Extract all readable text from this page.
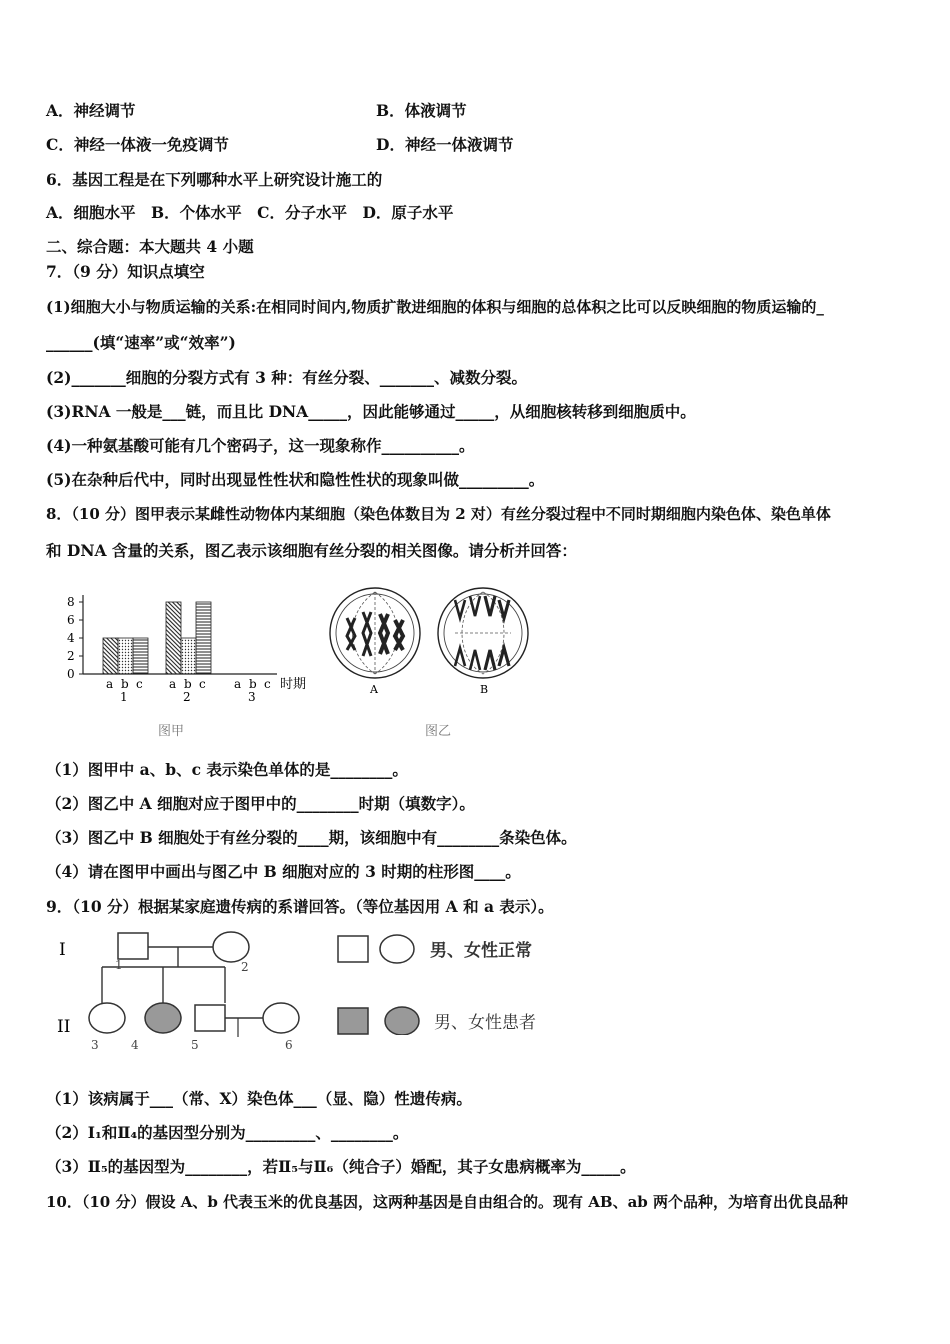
A．神经调节	B．体液调节
C．神经一体液一免疫调节	D．神经一体液调节
6．基因工程是在下列哪种水平上研究设计施工的
A．细胞水平　B．个体水平　C．分子水平　D．原子水平
二、综合题：本大题共 4 小题
7．（9 分）知识点填空
(1)细胞大小与物质运输的关系:在相同时间内,物质扩散进细胞的体积与细胞的总体积之比可以反映细胞的物质运输的_
______(填“速率”或“效率”)
(2)_______细胞的分裂方式有 3 种：有丝分裂、_______、减数分裂。
(3)RNA 一般是___链，而且比 DNA_____，因此能够通过_____，从细胞核转移到细胞质中。
(4)一种氨基酸可能有几个密码子，这一现象称作__________。
(5)在杂种后代中，同时出现显性性状和隐性性状的现象叫做_________。
8．（10 分）图甲表示某雌性动物体内某细胞（染色体数目为 2 对）有丝分裂过程中不同时期细胞内染色体、染色单体
和 DNA 含量的关系，图乙表示该细胞有丝分裂的相关图像。请分析并回答：
时期
0
2
4
6
8
a b c
1
a b c
2
a b c
3
图甲
A	B
图乙
（1）图甲中 a、b、c 表示染色单体的是________。
（2）图乙中 A 细胞对应于图甲中的________时期（填数字）。
（3）图乙中 B 细胞处于有丝分裂的____期，该细胞中有________条染色体。
（4）请在图甲中画出与图乙中 B 细胞对应的 3 时期的柱形图____。
9．（10 分）根据某家庭遗传病的系谱回答。（等位基因用 A 和 a 表示）。
I
II
1	2
3	4	5	6
男、女性正常
男、女性患者
（1）该病属于___（常、X）染色体___（显、隐）性遗传病。
（2）Ⅰ₁和Ⅱ₄的基因型分别为_________、________。
（3）Ⅱ₅的基因型为________，若Ⅱ₅与Ⅱ₆（纯合子）婚配，其子女患病概率为_____。
10．（10 分）假设 A、b 代表玉米的优良基因，这两种基因是自由组合的。现有 AB、ab 两个品种，为培育出优良品种
